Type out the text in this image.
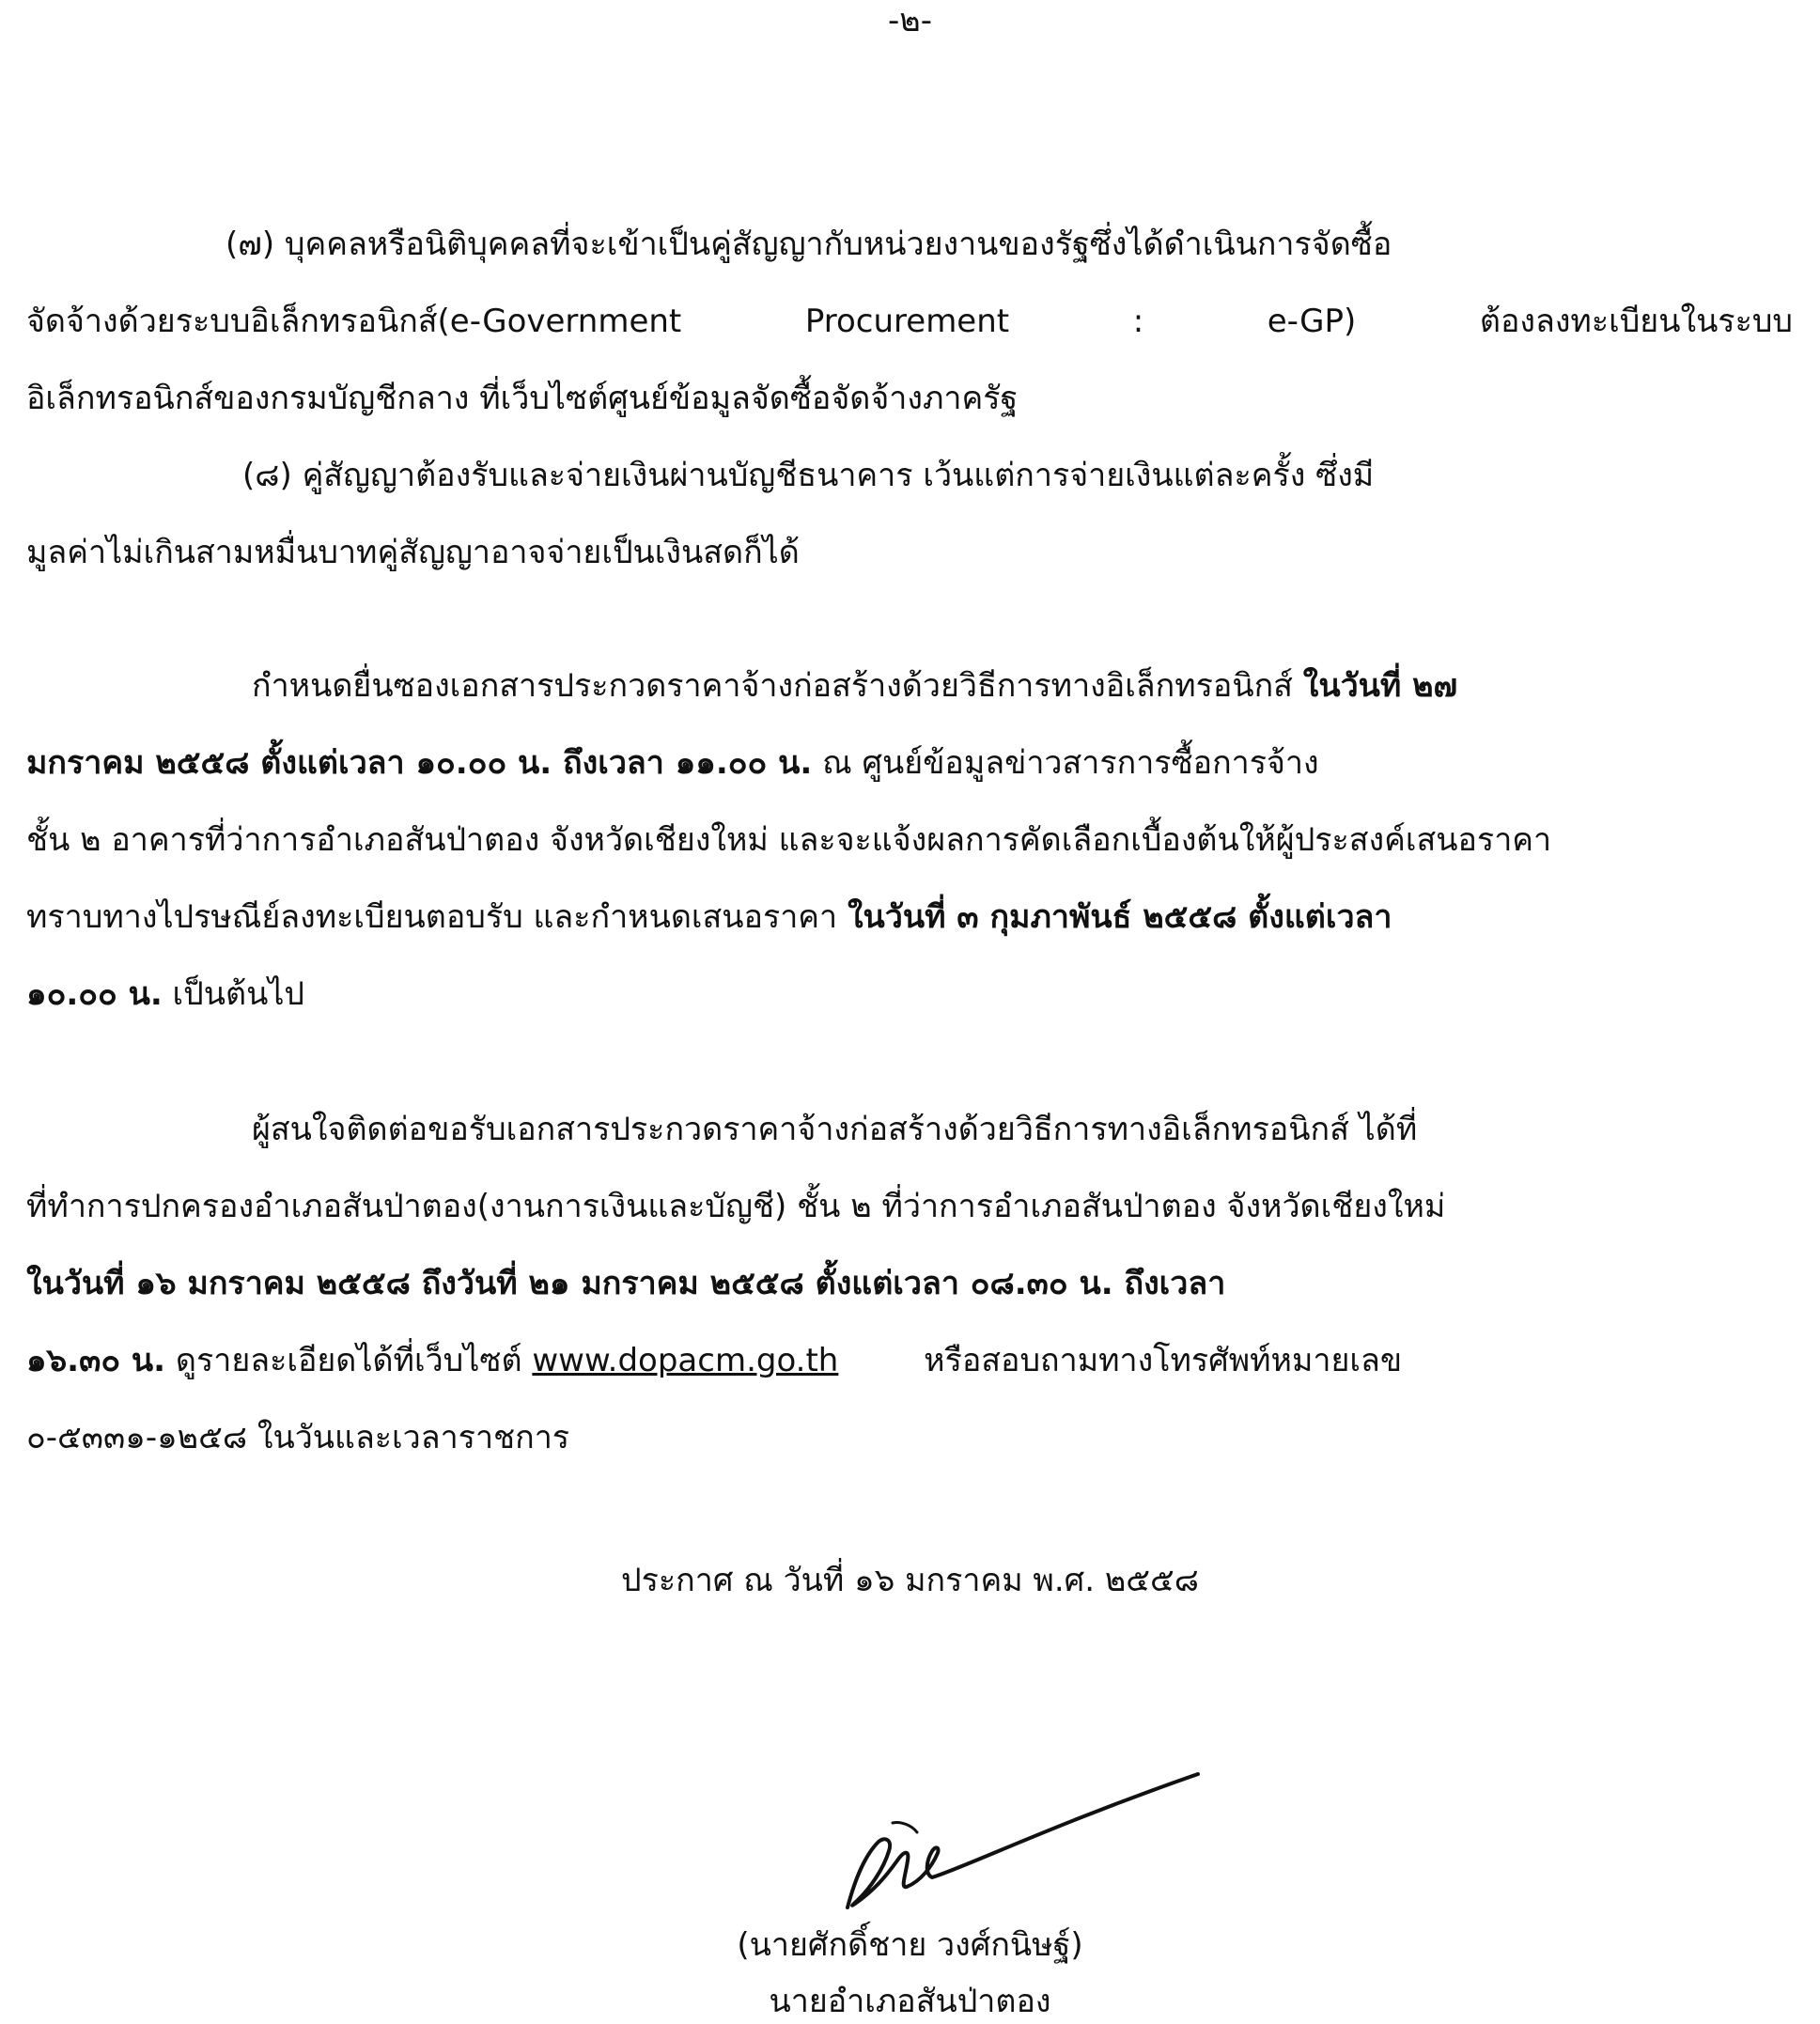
-๒-
(๗) บุคคลหรือนิติบุคคลที่จะเข้าเป็นคู่สัญญากับหน่วยงานของรัฐซึ่งได้ดำเนินการจัดซื้อ
จัดจ้างด้วยระบบอิเล็กทรอนิกส์(e-Government Procurement : e-GP) ต้องลงทะเบียนในระบบ
อิเล็กทรอนิกส์ของกรมบัญชีกลาง ที่เว็บไซต์ศูนย์ข้อมูลจัดซื้อจัดจ้างภาครัฐ
(๘) คู่สัญญาต้องรับและจ่ายเงินผ่านบัญชีธนาคาร เว้นแต่การจ่ายเงินแต่ละครั้ง ซึ่งมี
มูลค่าไม่เกินสามหมื่นบาทคู่สัญญาอาจจ่ายเป็นเงินสดก็ได้
กำหนดยื่นซองเอกสารประกวดราคาจ้างก่อสร้างด้วยวิธีการทางอิเล็กทรอนิกส์ ในวันที่ ๒๗
มกราคม ๒๕๕๘ ตั้งแต่เวลา ๑๐.๐๐ น. ถึงเวลา ๑๑.๐๐ น. ณ ศูนย์ข้อมูลข่าวสารการซื้อการจ้าง
ชั้น ๒ อาคารที่ว่าการอำเภอสันป่าตอง จังหวัดเชียงใหม่ และจะแจ้งผลการคัดเลือกเบื้องต้นให้ผู้ประสงค์เสนอราคา
ทราบทางไปรษณีย์ลงทะเบียนตอบรับ และกำหนดเสนอราคา ในวันที่ ๓ กุมภาพันธ์ ๒๕๕๘ ตั้งแต่เวลา
๑๐.๐๐ น. เป็นต้นไป
ผู้สนใจติดต่อขอรับเอกสารประกวดราคาจ้างก่อสร้างด้วยวิธีการทางอิเล็กทรอนิกส์ ได้ที่
ที่ทำการปกครองอำเภอสันป่าตอง(งานการเงินและบัญชี) ชั้น ๒ ที่ว่าการอำเภอสันป่าตอง จังหวัดเชียงใหม่
ในวันที่ ๑๖ มกราคม ๒๕๕๘ ถึงวันที่ ๒๑ มกราคม ๒๕๕๘ ตั้งแต่เวลา ๐๘.๓๐ น. ถึงเวลา
๑๖.๓๐ น. ดูรายละเอียดได้ที่เว็บไซต์ www.dopacm.go.th	หรือสอบถามทางโทรศัพท์หมายเลข
๐-๕๓๓๑-๑๒๕๘ ในวันและเวลาราชการ
ประกาศ ณ วันที่ ๑๖ มกราคม พ.ศ. ๒๕๕๘
(นายศักดิ์ชาย วงศ์กนิษฐ์)
นายอำเภอสันป่าตอง
